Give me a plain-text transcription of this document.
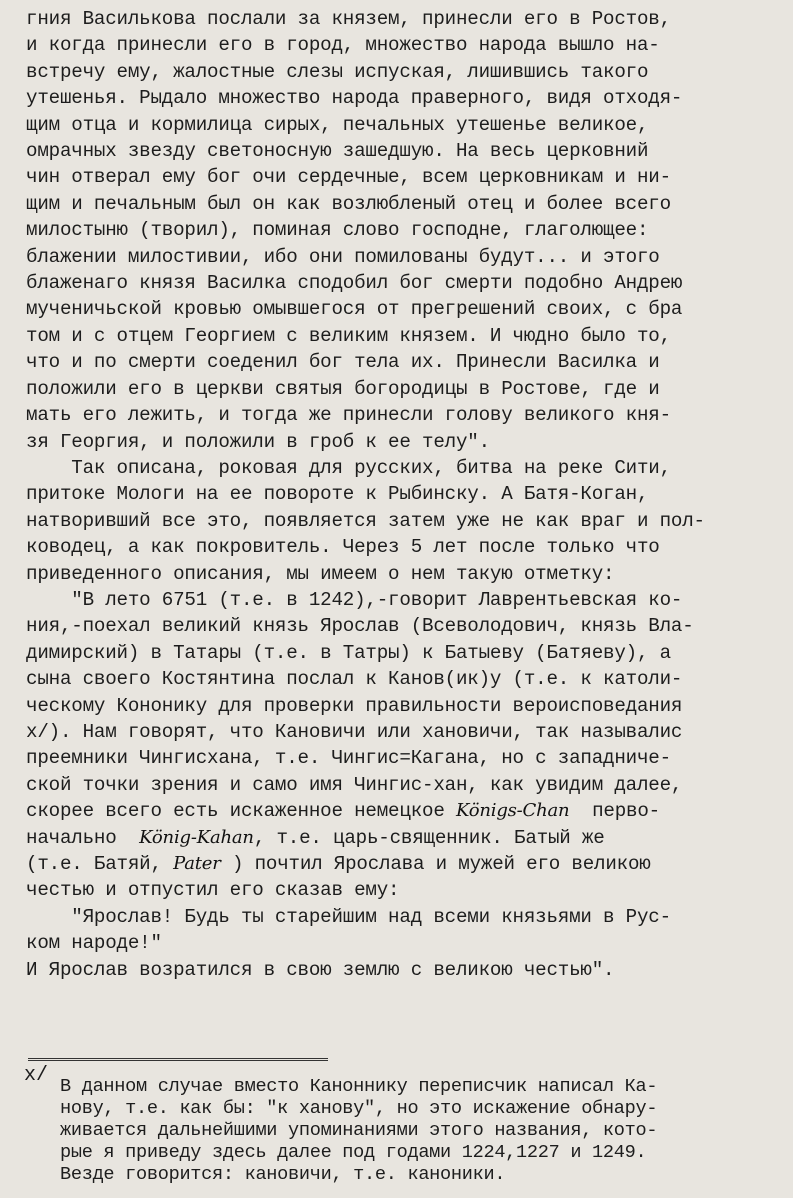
гния Василькова послали за князем, принесли его в Ростов,
и когда принесли его в город, множество народа вышло на-
встречу ему, жалостные слезы испуская, лишившись такого
утешенья. Рыдало множество народа праверного, видя отходя-
щим отца и кормилица сирых, печальных утешенье великое,
омрачных звезду светоносную зашедшую. На весь церковний
чин отверал ему бог очи сердечные, всем церковникам и ни-
щим и печальным был он как возлюбленый отец и более всего
милостыню (творил), поминая слово господне, глаголющее:
блажении милостивии, ибо они помилованы будут... и этого
блаженаго князя Василка сподобил бог смерти подобно Андрею
мученичьской кровью омывшегося от прегрешений своих, с бра
том и с отцем Георгием с великим князем. И чюдно было то,
что и по смерти соеденил бог тела их. Принесли Василка и
положили его в церкви святыя богородицы в Ростове, где и
мать его лежить, и тогда же принесли голову великого кня-
зя Георгия, и положили в гроб к ее телу".
Так описана, роковая для русских, битва на реке Сити,
притоке Мологи на ее повороте к Рыбинску. А Батя-Коган,
натворивший все это, появляется затем уже не как враг и пол-
ководец, а как покровитель. Через 5 лет после только что
приведенного описания, мы имеем о нем такую отметку:
"В лето 6751 (т.е. в 1242),-говорит Лаврентьевская ко-
ния,-поехал великий князь Ярослав (Всеволодович, князь Вла-
димирский) в Татары (т.е. в Татры) к Батыеву (Батяеву), а
сына своего Костянтина послал к Канов(ик)у (т.е. к католи-
ческому Кононику для проверки правильности вероисповедания
x/). Нам говорят, что Кановичи или хановичи, так называлис
преемники Чингисхана, т.е. Чингис=Кагана, но с западниче-
ской точки зрения и само имя Чингис-хан, как увидим далее,
скорее всего есть искаженное немецкое Königs-Chan перво-
начально König-Kahan, т.е. царь-священник. Батый же
(т.е. Батяй, Pater ) почтил Ярослава и мужей его великою
честью и отпустил его сказав ему:
"Ярослав! Будь ты старейшим над всеми князьями в Рус-
ком народе!"
И Ярослав возратился в свою землю с великою честью".
x/ В данном случае вместо Каноннику переписчик написал Ка-
нову, т.е. как бы: "к ханову", но это искажение обнару-
живается дальнейшими упоминаниями этого названия, кото-
рые я приведу здесь далее под годами 1224,1227 и 1249.
Везде говорится: кановичи, т.е. каноники.
